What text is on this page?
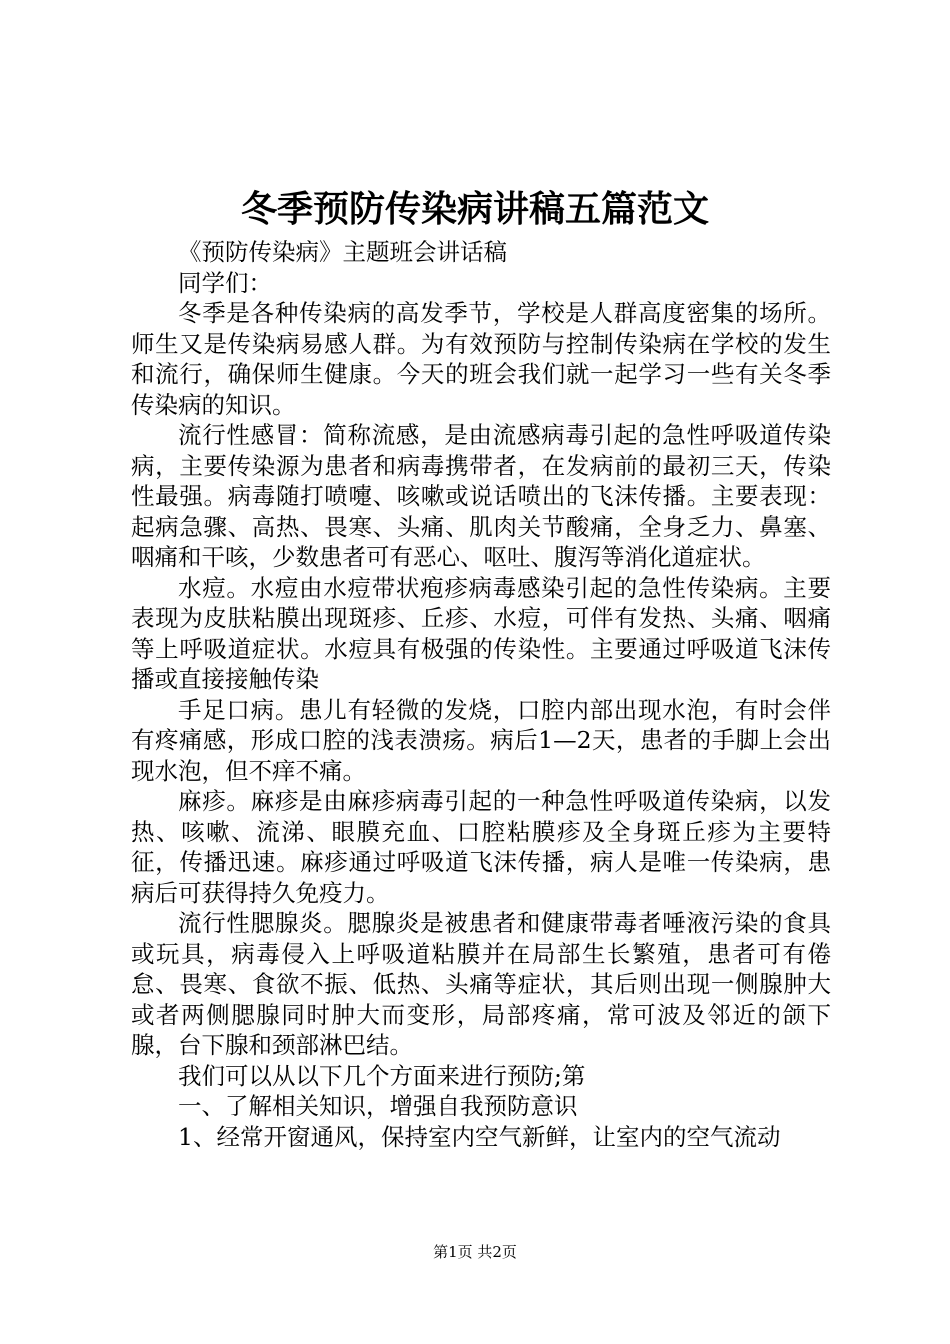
冬季预防传染病讲稿五篇范文

《预防传染病》主题班会讲话稿

同学们：

冬季是各种传染病的高发季节，学校是人群高度密集的场所。师生又是传染病易感人群。为有效预防与控制传染病在学校的发生和流行，确保师生健康。今天的班会我们就一起学习一些有关冬季传染病的知识。

流行性感冒：简称流感，是由流感病毒引起的急性呼吸道传染病，主要传染源为患者和病毒携带者，在发病前的最初三天，传染性最强。病毒随打喷嚏、咳嗽或说话喷出的飞沫传播。主要表现：起病急骤、高热、畏寒、头痛、肌肉关节酸痛，全身乏力、鼻塞、咽痛和干咳，少数患者可有恶心、呕吐、腹泻等消化道症状。

水痘。水痘由水痘带状疱疹病毒感染引起的急性传染病。主要表现为皮肤粘膜出现斑疹、丘疹、水痘，可伴有发热、头痛、咽痛等上呼吸道症状。水痘具有极强的传染性。主要通过呼吸道飞沫传播或直接接触传染

手足口病。患儿有轻微的发烧，口腔内部出现水泡，有时会伴有疼痛感，形成口腔的浅表溃疡。病后1—2天，患者的手脚上会出现水泡，但不痒不痛。

麻疹。麻疹是由麻疹病毒引起的一种急性呼吸道传染病，以发热、咳嗽、流涕、眼膜充血、口腔粘膜疹及全身斑丘疹为主要特征，传播迅速。麻疹通过呼吸道飞沫传播，病人是唯一传染病，患病后可获得持久免疫力。

流行性腮腺炎。腮腺炎是被患者和健康带毒者唾液污染的食具或玩具，病毒侵入上呼吸道粘膜并在局部生长繁殖，患者可有倦怠、畏寒、食欲不振、低热、头痛等症状，其后则出现一侧腺肿大或者两侧腮腺同时肿大而变形，局部疼痛，常可波及邻近的颌下腺，台下腺和颈部淋巴结。

我们可以从以下几个方面来进行预防;第

一、了解相关知识，增强自我预防意识

1、经常开窗通风，保持室内空气新鲜，让室内的空气流动

第1页 共2页
